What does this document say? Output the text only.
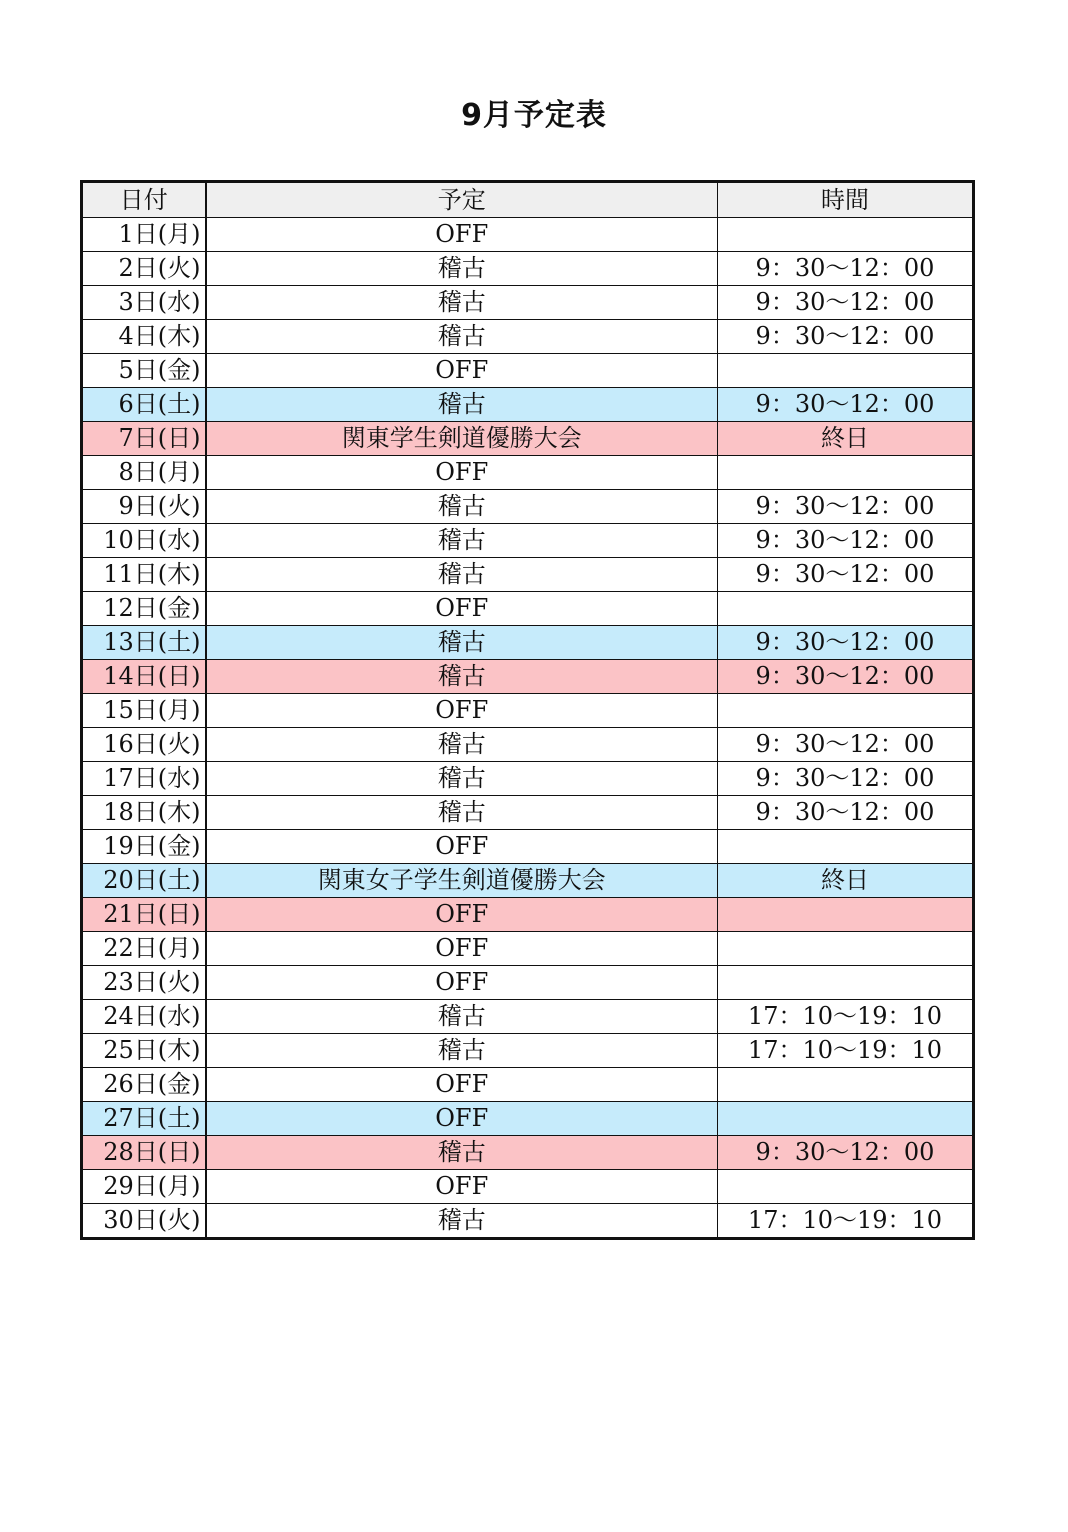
9月予定表
日付	予定	時間
1日(月)	OFF	
2日(火)	稽古	9：30〜12：00
3日(水)	稽古	9：30〜12：00
4日(木)	稽古	9：30〜12：00
5日(金)	OFF	
6日(土)	稽古	9：30〜12：00
7日(日)	関東学生剣道優勝大会	終日
8日(月)	OFF	
9日(火)	稽古	9：30〜12：00
10日(水)	稽古	9：30〜12：00
11日(木)	稽古	9：30〜12：00
12日(金)	OFF	
13日(土)	稽古	9：30〜12：00
14日(日)	稽古	9：30〜12：00
15日(月)	OFF	
16日(火)	稽古	9：30〜12：00
17日(水)	稽古	9：30〜12：00
18日(木)	稽古	9：30〜12：00
19日(金)	OFF	
20日(土)	関東女子学生剣道優勝大会	終日
21日(日)	OFF	
22日(月)	OFF	
23日(火)	OFF	
24日(水)	稽古	17：10〜19：10
25日(木)	稽古	17：10〜19：10
26日(金)	OFF	
27日(土)	OFF	
28日(日)	稽古	9：30〜12：00
29日(月)	OFF	
30日(火)	稽古	17：10〜19：10
